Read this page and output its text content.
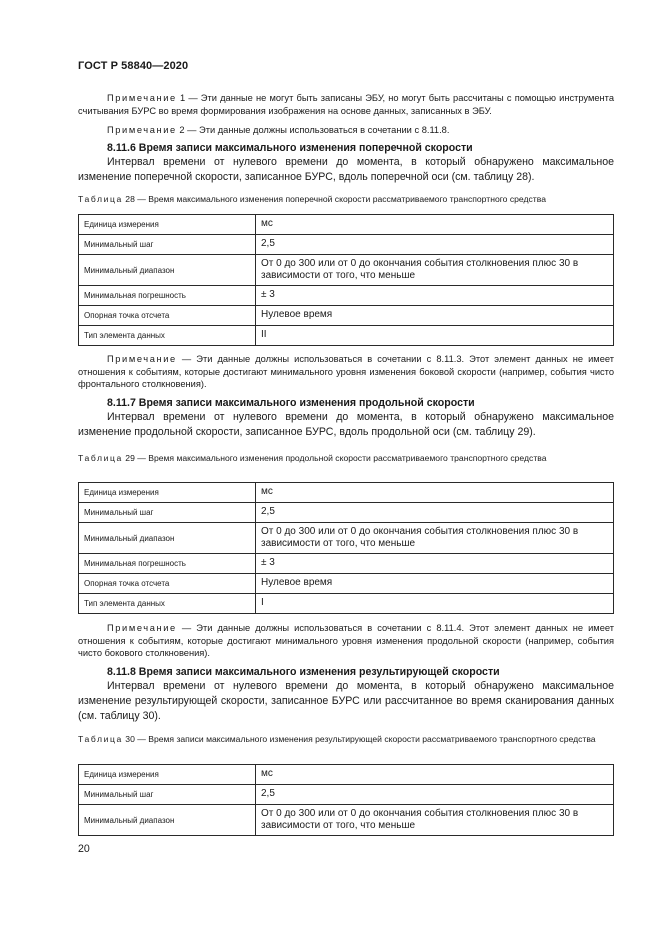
ГОСТ Р 58840—2020
Примечание 1 — Эти данные не могут быть записаны ЭБУ, но могут быть рассчитаны с помощью инструмента считывания БУРС во время формирования изображения на основе данных, записанных в ЭБУ.
Примечание 2 — Эти данные должны использоваться в сочетании с 8.11.8.
8.11.6 Время записи максимального изменения поперечной скорости
Интервал времени от нулевого времени до момента, в который обнаружено максимальное изменение поперечной скорости, записанное БУРС, вдоль поперечной оси (см. таблицу 28).
Таблица 28 — Время максимального изменения поперечной скорости рассматриваемого транспортного средства
Единица измерения	мс
Минимальный шаг	2,5
Минимальный диапазон	От 0 до 300 или от 0 до окончания события столкновения плюс 30 в зависимости от того, что меньше
Минимальная погрешность	± 3
Опорная точка отсчета	Нулевое время
Тип элемента данных	II
Примечание — Эти данные должны использоваться в сочетании с 8.11.3. Этот элемент данных не имеет отношения к событиям, которые достигают минимального уровня изменения боковой скорости (например, события чисто фронтального столкновения).
8.11.7 Время записи максимального изменения продольной скорости
Интервал времени от нулевого времени до момента, в который обнаружено максимальное изменение продольной скорости, записанное БУРС, вдоль продольной оси (см. таблицу 29).
Таблица 29 — Время максимального изменения продольной скорости рассматриваемого транспортного средства
Единица измерения	мс
Минимальный шаг	2,5
Минимальный диапазон	От 0 до 300 или от 0 до окончания события столкновения плюс 30 в зависимости от того, что меньше
Минимальная погрешность	± 3
Опорная точка отсчета	Нулевое время
Тип элемента данных	I
Примечание — Эти данные должны использоваться в сочетании с 8.11.4. Этот элемент данных не имеет отношения к событиям, которые достигают минимального уровня изменения продольной скорости (например, события чисто бокового столкновения).
8.11.8 Время записи максимального изменения результирующей скорости
Интервал времени от нулевого времени до момента, в который обнаружено максимальное изменение результирующей скорости, записанное БУРС или рассчитанное во время сканирования данных (см. таблицу 30).
Таблица 30 — Время записи максимального изменения результирующей скорости рассматриваемого транспортного средства
Единица измерения	мс
Минимальный шаг	2,5
Минимальный диапазон	От 0 до 300 или от 0 до окончания события столкновения плюс 30 в зависимости от того, что меньше
20
